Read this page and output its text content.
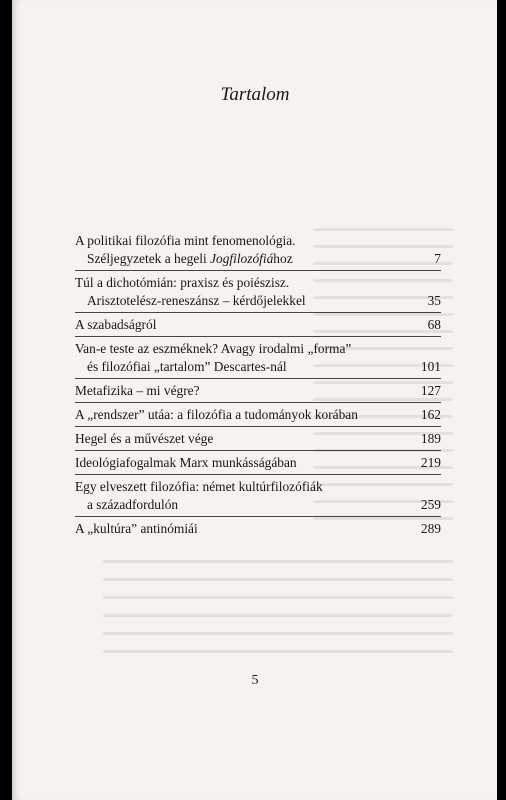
Tartalom
A politikai filozófia mint fenomenológia.
Széljegyzetek a hegeli Jogfilozófiához	7
Túl a dichotómián: praxisz és poiészisz.
Arisztotelész-reneszánsz – kérdőjelekkel	35
A szabadságról	68
Van-e teste az eszméknek? Avagy irodalmi „forma”
és filozófiai „tartalom” Descartes-nál	101
Metafizika – mi végre?	127
A „rendszer” utáa: a filozófia a tudományok korában	162
Hegel és a művészet vége	189
Ideológiafogalmak Marx munkásságában	219
Egy elveszett filozófia: német kultúrfilozófiák
a századfordulón	259
A „kultúra” antinómiái	289
5
